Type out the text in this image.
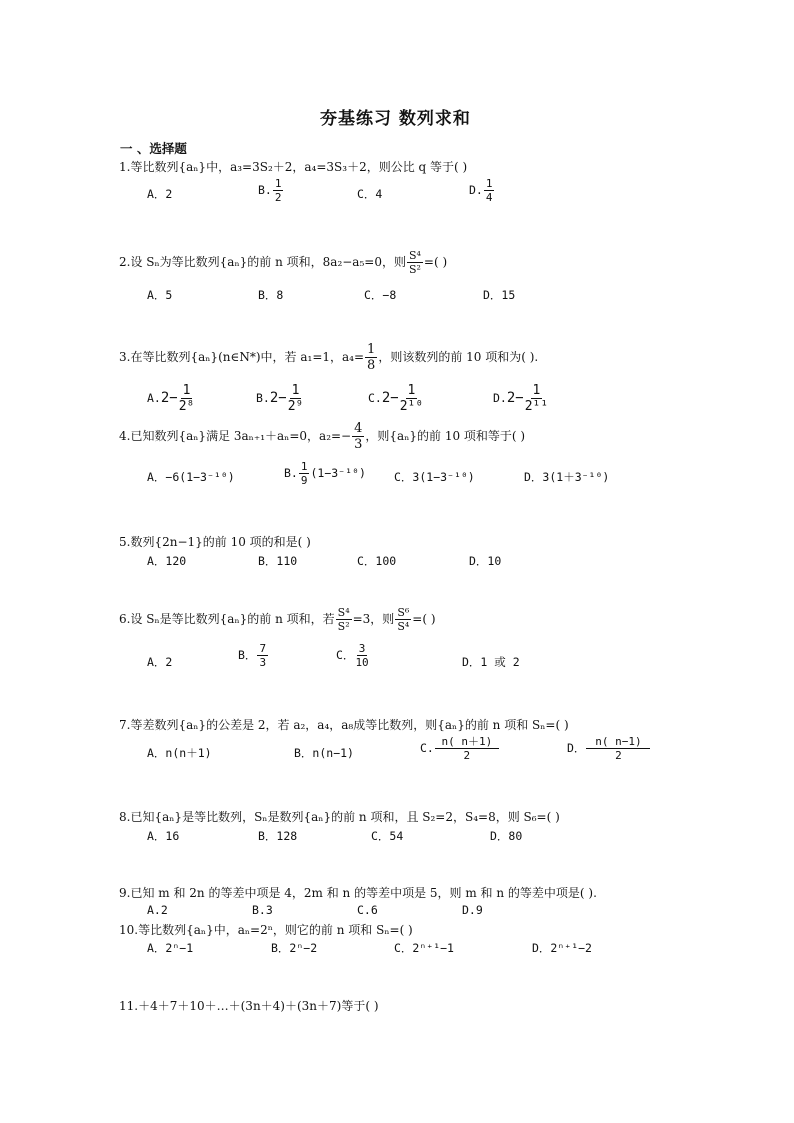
夯基练习 数列求和
一 、选择题
1.等比数列{aₙ}中，a₃=3S₂＋2，a₄=3S₃＋2，则公比 q 等于( )
A．2	B. $\frac{1}{2}$	C．4	D. $\frac{1}{4}$
2.设 Sₙ为等比数列{aₙ}的前 n 项和，8a₂−a₅=0，则 $\frac{\text{S⁴}}{\text{S²}}$ =( )
A．5	B．8	C．−8	D．15
3.在等比数列{aₙ}(n∈N*)中，若 a₁=1，$a_4= \frac{1}{8}$ ，则该数列的前 10 项和为( ).
$A.2- \frac{1}{\text{2⁸}}$	$B.2- \frac{1}{\text{2⁹}}$	$C.2- \frac{1}{\text{2¹⁰}}$	$D.2- \frac{1}{\text{2¹¹}}$
4.已知数列{aₙ}满足 3aₙ₊₁＋aₙ=0，$a_2=- \frac{4}{3}$ ，则{aₙ}的前 10 项和等于( )
A．−6(1−3⁻¹⁰)	B. $\frac{1}{9} (1-3^{-10})$ C．3(1−3⁻¹⁰)	D．3(1＋3⁻¹⁰)
5.数列{2n−1}的前 10 项的和是( )
A．120	B．110	C．100	D．10
6.设 Sₙ是等比数列{aₙ}的前 n 项和，若 $\frac{\text{S⁴}}{\text{S²}} =3$，则 $\frac{\text{S⁶}}{\text{S⁴}}$ =( )
A．2	B． $\frac{7}{3}$	C． $\frac{3}{10}$	D．1 或 2
7.等差数列{aₙ}的公差是 2，若 a₂，a₄，a₈成等比数列，则{aₙ}的前 n 项和 Sₙ=( )
A．n(n＋1)	B．n(n−1)	C. $\frac{n( n+1)}{2}$	D． $\frac{n( n-1)}{2}$
8.已知{aₙ}是等比数列，Sₙ是数列{aₙ}的前 n 项和，且 S₂=2，S₄=8，则 S₆=( )
A．16	B．128	C．54	D．80
9.已知 m 和 2n 的等差中项是 4，2m 和 n 的等差中项是 5，则 m 和 n 的等差中项是( ).
A.2	B.3	C.6	D.9
10.等比数列{aₙ}中，aₙ=2ⁿ，则它的前 n 项和 Sₙ=( )
A．2ⁿ−1	B．2ⁿ−2	C．2ⁿ⁺¹−1	D．2ⁿ⁺¹−2
11.＋4＋7＋10＋…＋(3n＋4)＋(3n＋7)等于( )
